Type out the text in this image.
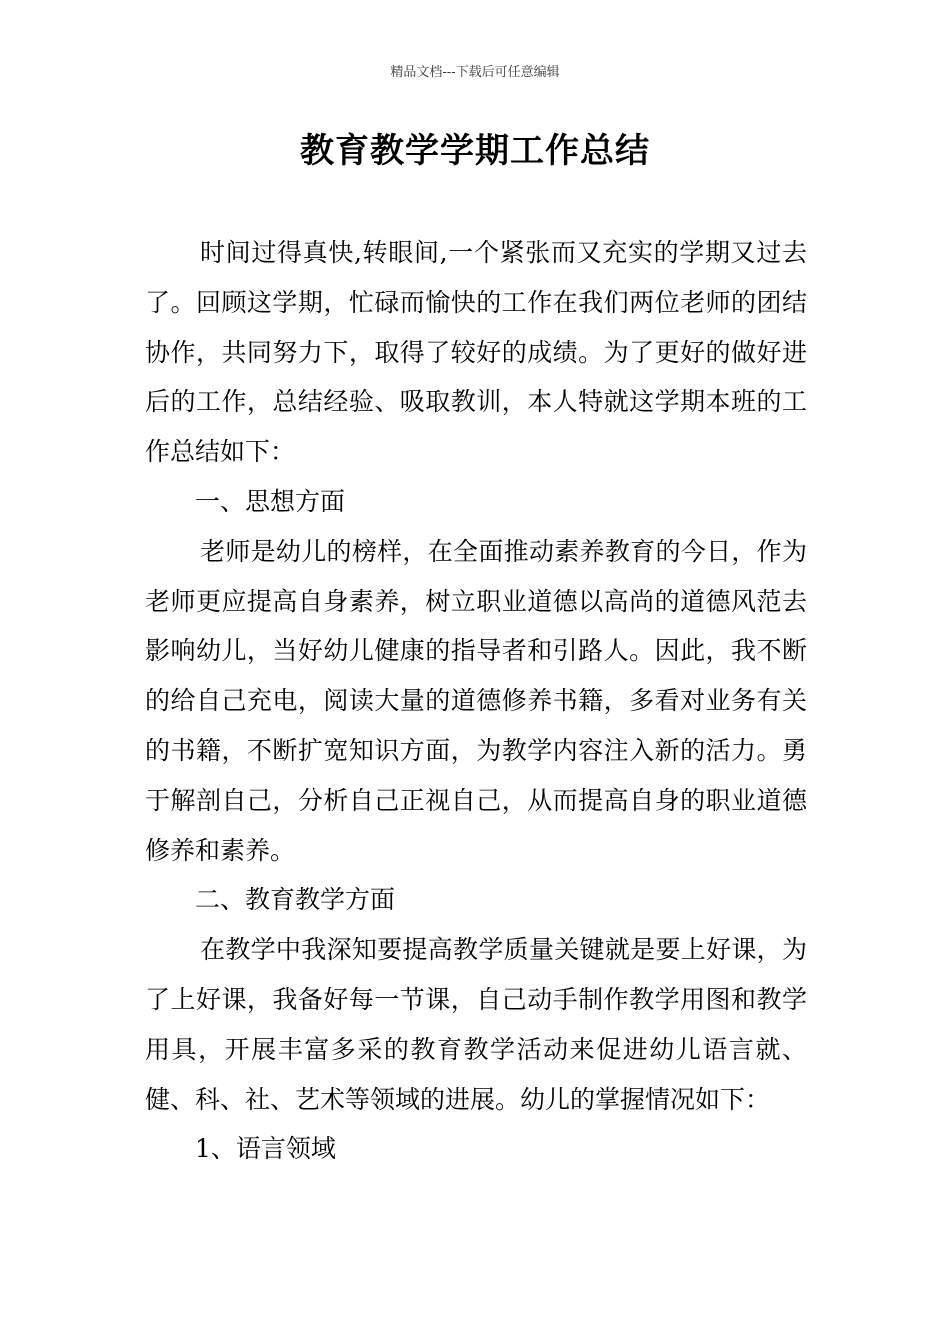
精品文档---下载后可任意编辑
教育教学学期工作总结

时间过得真快,转眼间,一个紧张而又充实的学期又过去了。回顾这学期，忙碌而愉快的工作在我们两位老师的团结协作，共同努力下，取得了较好的成绩。为了更好的做好进后的工作，总结经验、吸取教训，本人特就这学期本班的工作总结如下：

一、思想方面

老师是幼儿的榜样，在全面推动素养教育的今日，作为老师更应提高自身素养，树立职业道德以高尚的道德风范去影响幼儿，当好幼儿健康的指导者和引路人。因此，我不断的给自己充电，阅读大量的道德修养书籍，多看对业务有关的书籍，不断扩宽知识方面，为教学内容注入新的活力。勇于解剖自己，分析自己正视自己，从而提高自身的职业道德修养和素养。

二、教育教学方面

在教学中我深知要提高教学质量关键就是要上好课，为了上好课，我备好每一节课，自己动手制作教学用图和教学用具，开展丰富多采的教育教学活动来促进幼儿语言就、健、科、社、艺术等领域的进展。幼儿的掌握情况如下：

1、语言领域
